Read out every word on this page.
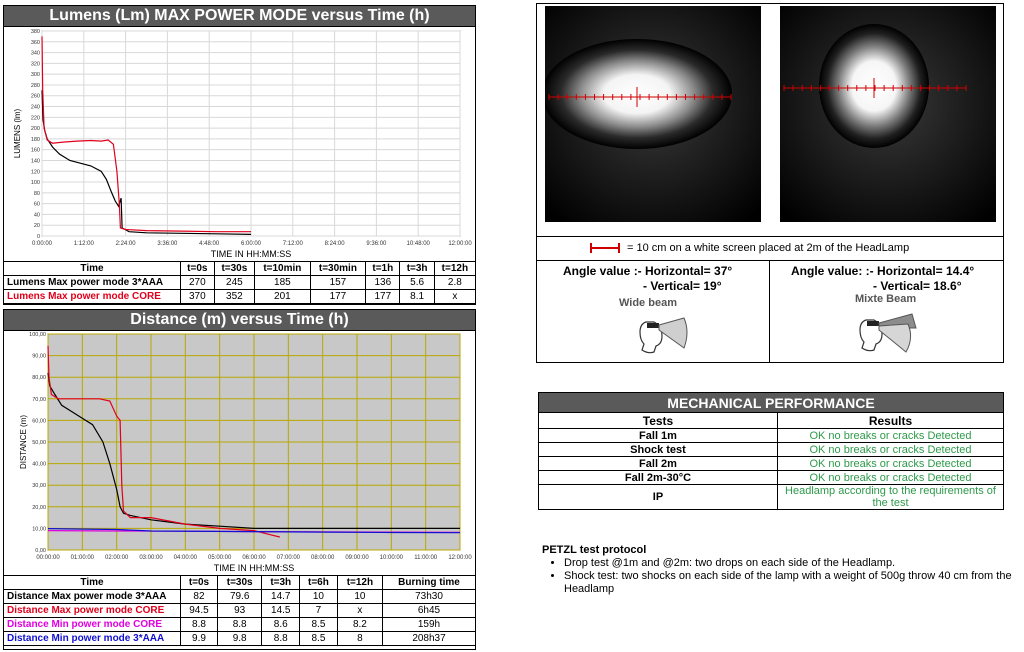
Lumens (Lm) MAX POWER MODE versus Time (h)
0:00:00	1:12:00	2:24:00	3:36:00	4:48:00	6:00:00	7:12:00	8:24:00	9:36:00	10:48:00	12:00:00
0
20
40
60
80
100
120
140
160
180
200
220
240
260
280
300
320
340
360
380
TIME IN HH:MM:SS
LUMENS (lm)
Time	t=0s	t=30s	t=10min	t=30min	t=1h	t=3h	t=12h
Lumens Max power mode 3*AAA	270	245	185	157	136	5.6	2.8
Lumens Max power mode CORE	370	352	201	177	177	8.1	x
Distance (m) versus Time (h)
00:00:00 01:00:00 02:00:00 03:00:00 04:00:00 05:00:00 06:00:00 07:00:00 08:00:00 09:00:00 10:00:00 11:00:00 12:00:00
0,00
10,00
20,00
30,00
40,00
50,00
60,00
70,00
80,00
90,00
100,00
TIME IN HH:MM:SS
DISTANCE (m)
Time	t=0s	t=30s	t=3h	t=6h	t=12h	Burning time
Distance Max power mode 3*AAA	82	79.6	14.7	10	10	73h30
Distance Max power mode CORE	94.5	93	14.5	7	x	6h45
Distance Min power mode CORE	8.8	8.8	8.6	8.5	8.2	159h
Distance Min power mode 3*AAA	9.9	9.8	8.8	8.5	8	208h37
= 10 cm on a white screen placed at 2m of the HeadLamp
Angle value :- Horizontal= 37°
- Vertical= 19°
Wide beam
Angle value: :- Horizontal= 14.4°
- Vertical= 18.6°
Mixte Beam
MECHANICAL PERFORMANCE	
Tests	Results
Fall 1m	OK no breaks or cracks Detected
Shock test	OK no breaks or cracks Detected
Fall 2m	OK no breaks or cracks Detected
Fall 2m-30°C	OK no breaks or cracks Detected
IP	Headlamp according to the requirements of the test
PETZL test protocol
• Drop test @1m and @2m: two drops on each side of the Headlamp.
• Shock test: two shocks on each side of the lamp with a weight of 500g throw 40 cm from the Headlamp
